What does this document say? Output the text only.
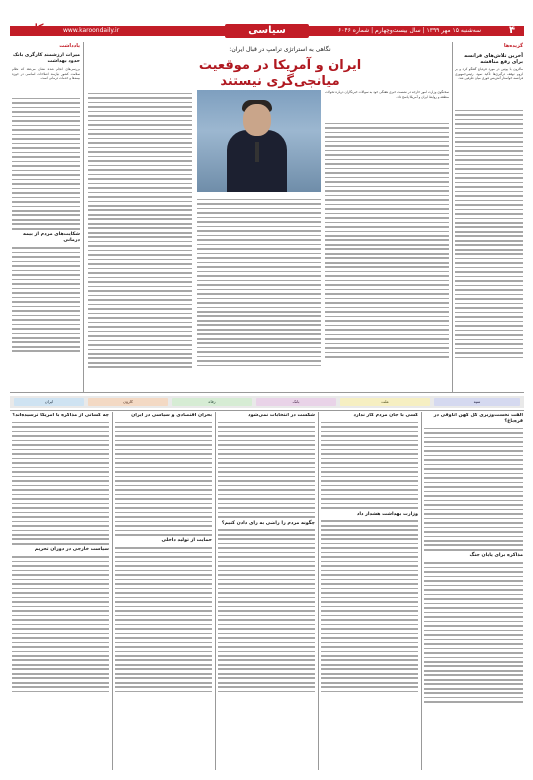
۴
سه‌شنبه ۱۵ مهر ۱۳۹۹ | سال بیست‌وچهارم | شماره ۶۰۴۶
سیاسی
www.karoondaily.ir
کارون
گزیده‌ها
آخرین تلاش‌های فرانسه برای رفع مناقشه
ماکرون با پوتین در مورد قره‌باغ گفتگو کرد و بر لزوم توقف درگیری‌ها تأکید نمود. رئیس‌جمهوری فرانسه خواستار آتش‌بس فوری میان طرفین شد.
نگاهی به استراتژی ترامپ در قبال ایران:
ایران و آمریکا در موقعیت میانجی‌گری نیستند
سخنگوی وزارت امور خارجه در نشست خبری هفتگی خود به سوالات خبرنگاران درباره تحولات منطقه و روابط ایران و آمریکا پاسخ داد.
یادداشت
میراث ارزشمند کارگری بانک حدود بهداشت
بررسی‌های انجام شده نشان می‌دهد که نظام سلامت کشور نیازمند اصلاحات اساسی در حوزه بیمه‌ها و خدمات درمانی است.
شکایت‌های مردم از بیمه درمانی
ایران	کارون	رفاه	بانک	ملت	سپه
الفت نخست‌وزیری گل کهن اتاوفی در قره‌باغ؟
مذاکره برای پایان جنگ
کسی با جان مردم کار ندارد
وزارت بهداشت هشدار داد
شکست در انتخابات نمی‌شود
چگونه مردم را راضی به رای دادن کنیم؟
بحران اقتصادی و سیاسی در ایران
حمایت از تولید داخلی
چه کسانی از مذاکره با آمریکا ترسیده‌اند؟
سیاست خارجی در دوران تحریم
